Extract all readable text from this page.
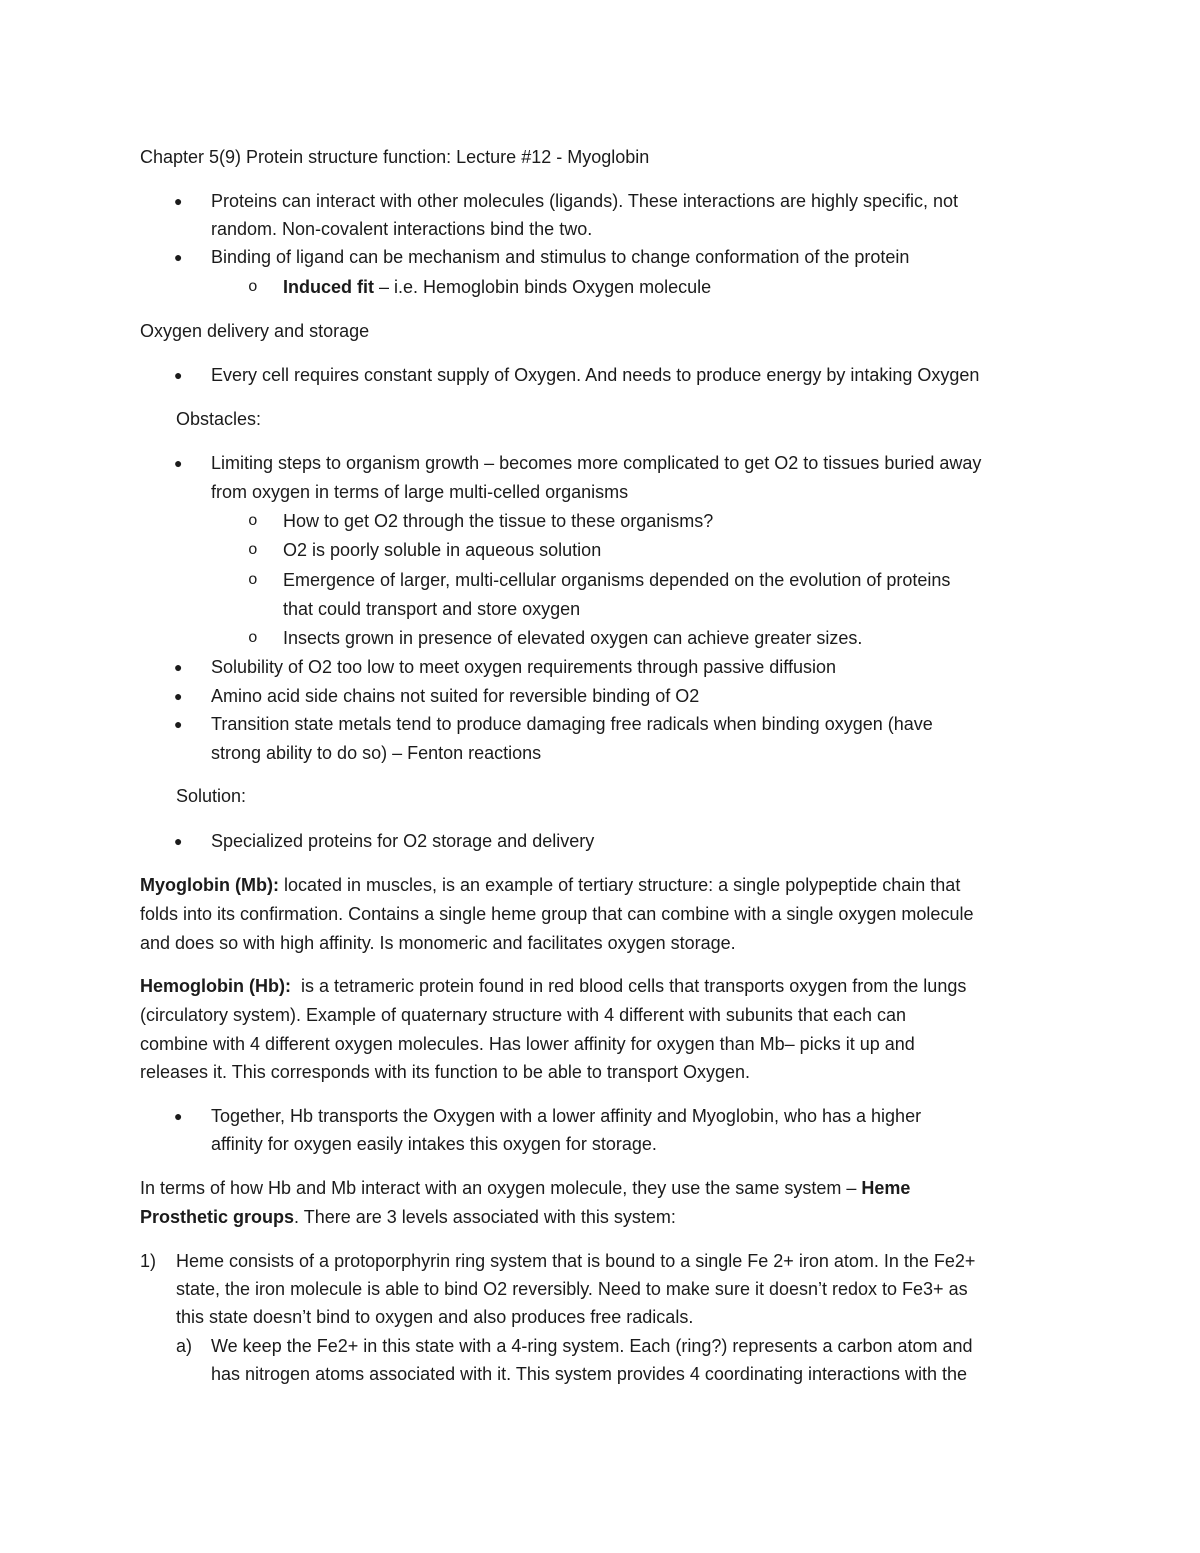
Chapter 5(9) Protein structure function: Lecture #12 - Myoglobin
● Proteins can interact with other molecules (ligands). These interactions are highly specific, not
random. Non-covalent interactions bind the two.
● Binding of ligand can be mechanism and stimulus to change conformation of the protein
o Induced fit – i.e. Hemoglobin binds Oxygen molecule
Oxygen delivery and storage
● Every cell requires constant supply of Oxygen. And needs to produce energy by intaking Oxygen
Obstacles:
● Limiting steps to organism growth – becomes more complicated to get O2 to tissues buried away
from oxygen in terms of large multi-celled organisms
o How to get O2 through the tissue to these organisms?
o O2 is poorly soluble in aqueous solution
o Emergence of larger, multi-cellular organisms depended on the evolution of proteins
that could transport and store oxygen
o Insects grown in presence of elevated oxygen can achieve greater sizes.
● Solubility of O2 too low to meet oxygen requirements through passive diffusion
● Amino acid side chains not suited for reversible binding of O2
● Transition state metals tend to produce damaging free radicals when binding oxygen (have
strong ability to do so) – Fenton reactions
Solution:
● Specialized proteins for O2 storage and delivery
Myoglobin (Mb): located in muscles, is an example of tertiary structure: a single polypeptide chain that
folds into its confirmation. Contains a single heme group that can combine with a single oxygen molecule
and does so with high affinity. Is monomeric and facilitates oxygen storage.
Hemoglobin (Hb):  is a tetrameric protein found in red blood cells that transports oxygen from the lungs
(circulatory system). Example of quaternary structure with 4 different with subunits that each can
combine with 4 different oxygen molecules. Has lower affinity for oxygen than Mb– picks it up and
releases it. This corresponds with its function to be able to transport Oxygen.
● Together, Hb transports the Oxygen with a lower affinity and Myoglobin, who has a higher
affinity for oxygen easily intakes this oxygen for storage.
In terms of how Hb and Mb interact with an oxygen molecule, they use the same system – Heme
Prosthetic groups. There are 3 levels associated with this system:
1) Heme consists of a protoporphyrin ring system that is bound to a single Fe 2+ iron atom. In the Fe2+
state, the iron molecule is able to bind O2 reversibly. Need to make sure it doesn’t redox to Fe3+ as
this state doesn’t bind to oxygen and also produces free radicals.
a) We keep the Fe2+ in this state with a 4-ring system. Each (ring?) represents a carbon atom and
has nitrogen atoms associated with it. This system provides 4 coordinating interactions with the
